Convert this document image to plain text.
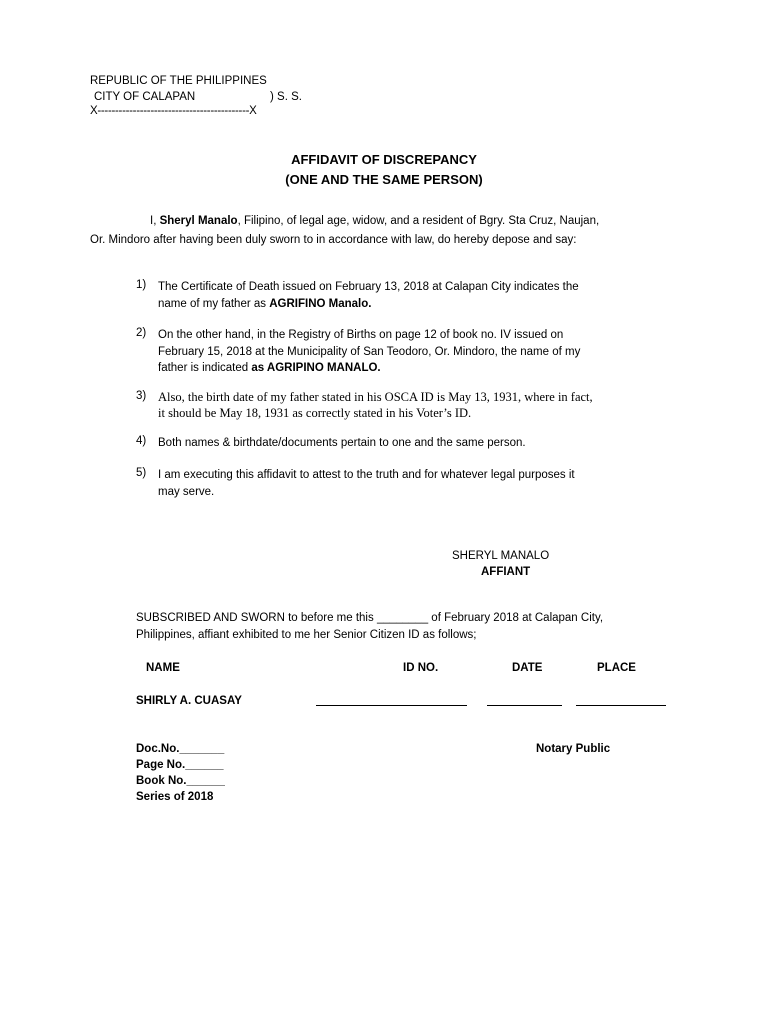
REPUBLIC OF THE PHILIPPINES
CITY OF CALAPAN	) S. S.
X-------------------------------------------X
AFFIDAVIT OF DISCREPANCY
(ONE AND THE SAME PERSON)
I, Sheryl Manalo, Filipino, of legal age, widow, and a resident of Bgry. Sta Cruz, Naujan,
Or. Mindoro after having been duly sworn to in accordance with law, do hereby depose and say:
1) The Certificate of Death issued on February 13, 2018 at Calapan City indicates the
name of my father as AGRIFINO Manalo.
2) On the other hand, in the Registry of Births on page 12 of book no. IV issued on
February 15, 2018 at the Municipality of San Teodoro, Or. Mindoro, the name of my
father is indicated as AGRIPINO MANALO.
3) Also, the birth date of my father stated in his OSCA ID is May 13, 1931, where in fact,
it should be May 18, 1931 as correctly stated in his Voter’s ID.
4) Both names & birthdate/documents pertain to one and the same person.
5) I am executing this affidavit to attest to the truth and for whatever legal purposes it
may serve.
SHERYL MANALO
AFFIANT
SUBSCRIBED AND SWORN to before me this ________ of February 2018 at Calapan City,
Philippines, affiant exhibited to me her Senior Citizen ID as follows;
NAME	ID NO.	DATE	PLACE
SHIRLY A. CUASAY
Doc.No._______
Page No.______
Book No.______
Series of 2018
Notary Public
